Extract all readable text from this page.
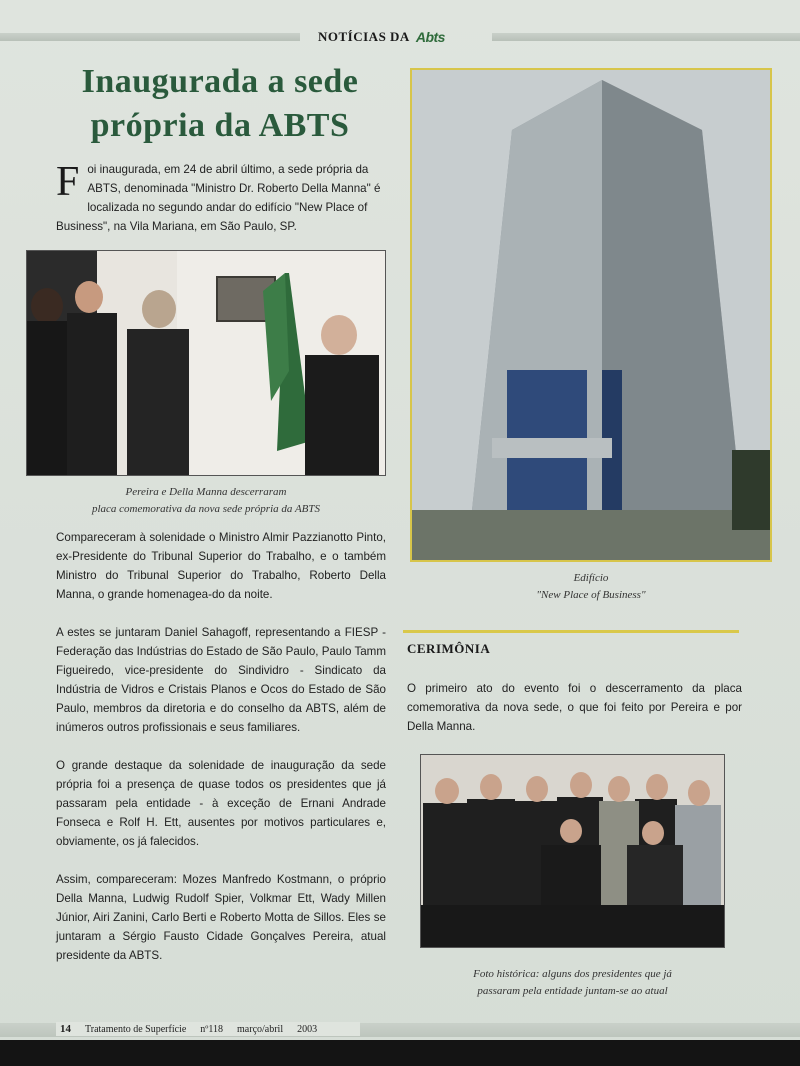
NOTÍCIAS DA Abts
Inaugurada a sede
própria da ABTS
Foi inaugurada, em 24 de abril último, a sede própria da ABTS, denominada "Ministro Dr. Roberto Della Manna" é localizada no segundo andar do edifício "New Place of Business", na Vila Mariana, em São Paulo, SP.
Pereira e Della Manna descerraram
placa comemorativa da nova sede própria da ABTS
Edifício
"New Place of Business"

Compareceram à solenidade o Ministro Almir Pazzianotto Pinto, ex-Presidente do Tribunal Superior do Trabalho, e o também Ministro do Tribunal Superior do Trabalho, Roberto Della Manna, o grande homenagea-do da noite.

A estes se juntaram Daniel Sahagoff, representando a FIESP - Federação das Indústrias do Estado de São Paulo, Paulo Tamm Figueiredo, vice-presidente do Sindividro - Sindicato da Indústria de Vidros e Cristais Planos e Ocos do Estado de São Paulo, membros da diretoria e do conselho da ABTS, além de inúmeros outros profissionais e seus familiares.

O grande destaque da solenidade de inauguração da sede própria foi a presença de quase todos os presidentes que já passaram pela entidade - à exceção de Ernani Andrade Fonseca e Rolf H. Ett, ausentes por motivos particulares e, obviamente, os já falecidos.

Assim, compareceram: Mozes Manfredo Kostmann, o próprio Della Manna, Ludwig Rudolf Spier, Volkmar Ett, Wady Millen Júnior, Airi Zanini, Carlo Berti e Roberto Motta de Sillos. Eles se juntaram a Sérgio Fausto Cidade Gonçalves Pereira, atual presidente da ABTS.

CERIMÔNIA
O primeiro ato do evento foi o descerramento da placa comemorativa da nova sede, o que foi feito por Pereira e por Della Manna.
Foto histórica: alguns dos presidentes que já
passaram pela entidade juntam-se ao atual
14 Tratamento de Superfície nº118 março/abril 2003
